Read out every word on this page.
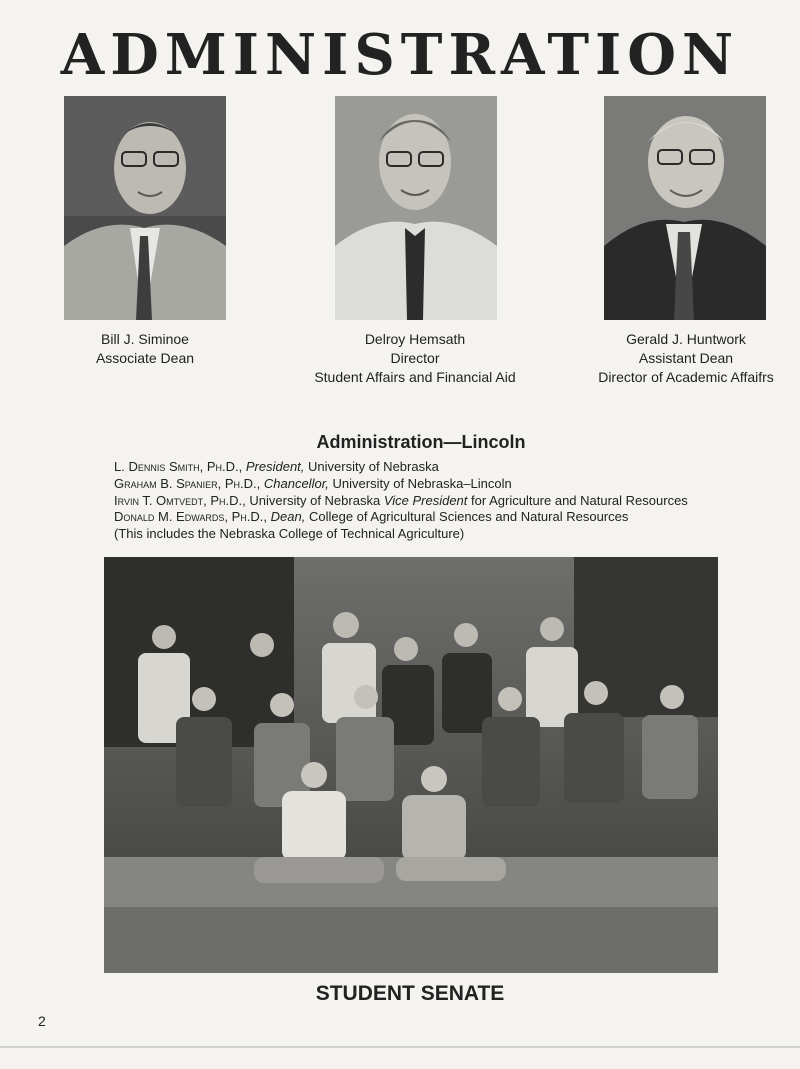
ADMINISTRATION
Bill J. Siminoe
Associate Dean
Delroy Hemsath
Director
Student Affairs and Financial Aid
Gerald J. Huntwork
Assistant Dean
Director of Academic Affaifrs
Administration—Lincoln
L. Dennis Smith, Ph.D., President, University of Nebraska
Graham B. Spanier, Ph.D., Chancellor, University of Nebraska–Lincoln
Irvin T. Omtvedt, Ph.D., University of Nebraska Vice President for Agriculture and Natural Resources
Donald M. Edwards, Ph.D., Dean, College of Agricultural Sciences and Natural Resources
(This includes the Nebraska College of Technical Agriculture)
STUDENT SENATE
2
